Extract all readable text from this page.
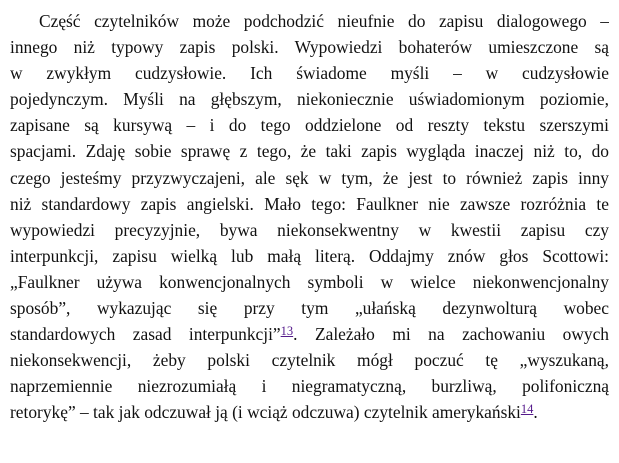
Część czytelników może podchodzić nieufnie do zapisu dialogowego –
innego niż typowy zapis polski. Wypowiedzi bohaterów umieszczone są
w zwykłym cudzysłowie. Ich świadome myśli – w cudzysłowie
pojedynczym. Myśli na głębszym, niekoniecznie uświadomionym poziomie,
zapisane są kursywą – i do tego oddzielone od reszty tekstu szerszymi
spacjami. Zdaję sobie sprawę z tego, że taki zapis wygląda inaczej niż to, do
czego jesteśmy przyzwyczajeni, ale sęk w tym, że jest to również zapis inny
niż standardowy zapis angielski. Mało tego: Faulkner nie zawsze rozróżnia te
wypowiedzi precyzyjnie, bywa niekonsekwentny w kwestii zapisu czy
interpunkcji, zapisu wielką lub małą literą. Oddajmy znów głos Scottowi:
„Faulkner używa konwencjonalnych symboli w wielce niekonwencjonalny
sposób”, wykazując się przy tym „ułańską dezynwolturą wobec
standardowych zasad interpunkcji”$^{13}$. Zależało mi na zachowaniu owych
niekonsekwencji, żeby polski czytelnik mógł poczuć tę „wyszukaną,
naprzemiennie niezrozumiałą i niegramatyczną, burzliwą, polifoniczną
retorykę” – tak jak odczuwał ją (i wciąż odczuwa) czytelnik amerykański$^{14}$.
